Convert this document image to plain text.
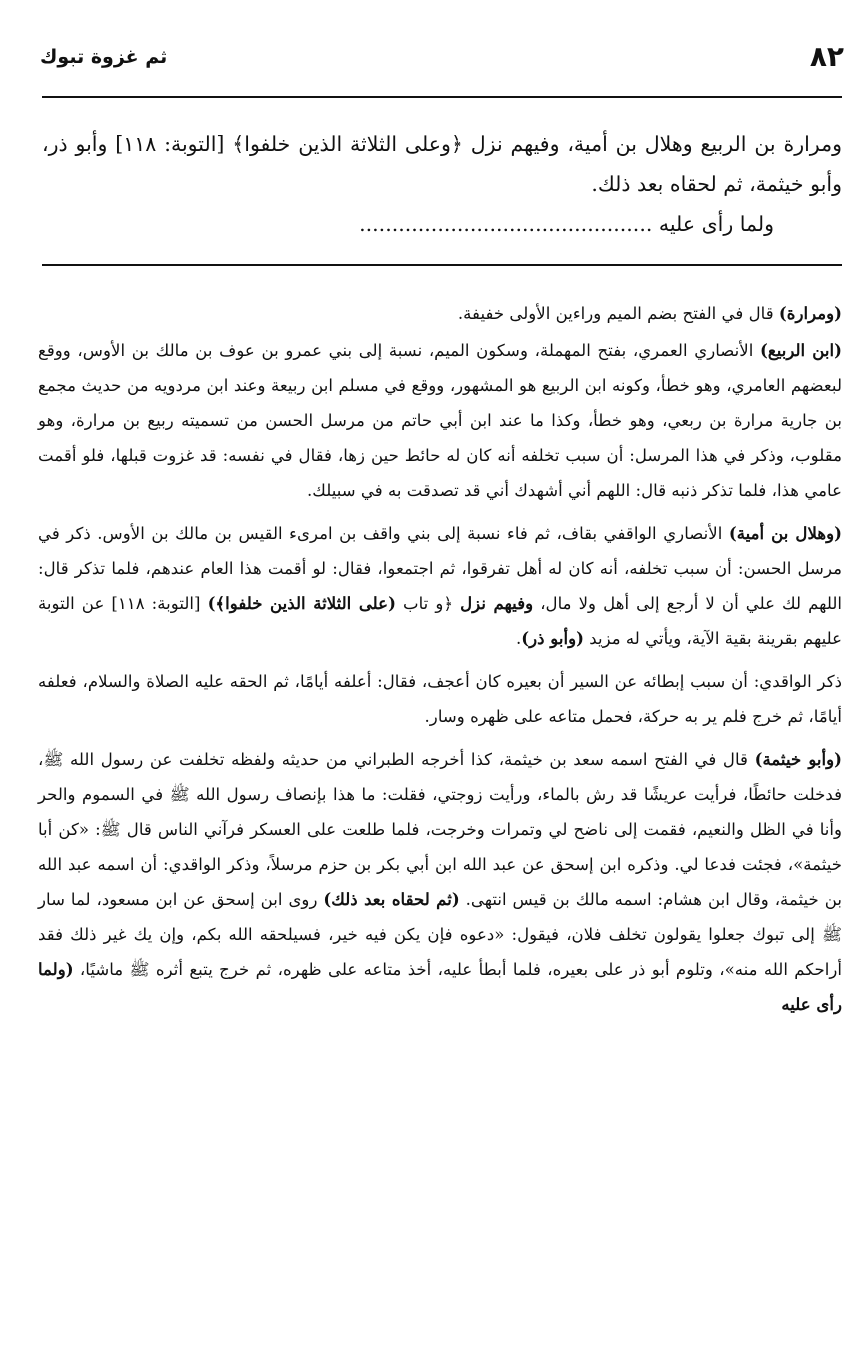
٨٢
ثم غزوة تبوك

ومرارة بن الربيع وهلال بن أمية، وفيهم نزل ﴿وعلى الثلاثة الذين خلفوا﴾ [التوبة: ١١٨] وأبو ذر، وأبو خيثمة، ثم لحقاه بعد ذلك.

ولما رأى عليه .............................................

(ومرارة) قال في الفتح بضم الميم وراءين الأولى خفيفة.

(ابن الربيع) الأنصاري العمري، بفتح المهملة، وسكون الميم، نسبة إلى بني عمرو بن عوف بن مالك بن الأوس، ووقع لبعضهم العامري، وهو خطأ، وكونه ابن الربيع هو المشهور، ووقع في مسلم ابن ربيعة وعند ابن مردويه من حديث مجمع بن جارية مرارة بن ربعي، وهو خطأ، وكذا ما عند ابن أبي حاتم من مرسل الحسن من تسميته ربيع بن مرارة، وهو مقلوب، وذكر في هذا المرسل: أن سبب تخلفه أنه كان له حائط حين زها، فقال في نفسه: قد غزوت قبلها، فلو أقمت عامي هذا، فلما تذكر ذنبه قال: اللهم أني أشهدك أني قد تصدقت به في سبيلك.

(وهلال بن أمية) الأنصاري الواقفي بقاف، ثم فاء نسبة إلى بني واقف بن امرىء القيس بن مالك بن الأوس. ذكر في مرسل الحسن: أن سبب تخلفه، أنه كان له أهل تفرقوا، ثم اجتمعوا، فقال: لو أقمت هذا العام عندهم، فلما تذكر قال: اللهم لك علي أن لا أرجع إلى أهل ولا مال، وفيهم نزل ﴿و تاب (على الثلاثة الذين خلفوا﴾) [التوبة: ١١٨] عن التوبة عليهم بقرينة بقية الآية، ويأتي له مزيد (وأبو ذر).

ذكر الواقدي: أن سبب إبطائه عن السير أن بعيره كان أعجف، فقال: أعلفه أيامًا، ثم الحقه عليه الصلاة والسلام، فعلفه أيامًا، ثم خرج فلم ير به حركة، فحمل متاعه على ظهره وسار.

(وأبو خيثمة) قال في الفتح اسمه سعد بن خيثمة، كذا أخرجه الطبراني من حديثه ولفظه تخلفت عن رسول الله ﷺ، فدخلت حائطًا، فرأيت عريشًا قد رش بالماء، ورأيت زوجتي، فقلت: ما هذا بإنصاف رسول الله ﷺ في السموم والحر وأنا في الظل والنعيم، فقمت إلى ناضح لي وتمرات وخرجت، فلما طلعت على العسكر فرآني الناس قال ﷺ: «كن أبا خيثمة»، فجئت فدعا لي. وذكره ابن إسحق عن عبد الله ابن أبي بكر بن حزم مرسلاً، وذكر الواقدي: أن اسمه عبد الله بن خيثمة، وقال ابن هشام: اسمه مالك بن قيس انتهى. (ثم لحقاه بعد ذلك) روى ابن إسحق عن ابن مسعود، لما سار ﷺ إلى تبوك جعلوا يقولون تخلف فلان، فيقول: «دعوه فإن يكن فيه خير، فسيلحقه الله بكم، وإن يك غير ذلك فقد أراحكم الله منه»، وتلوم أبو ذر على بعيره، فلما أبطأ عليه، أخذ متاعه على ظهره، ثم خرج يتبع أثره ﷺ ماشيًا، (ولما رأى عليه
